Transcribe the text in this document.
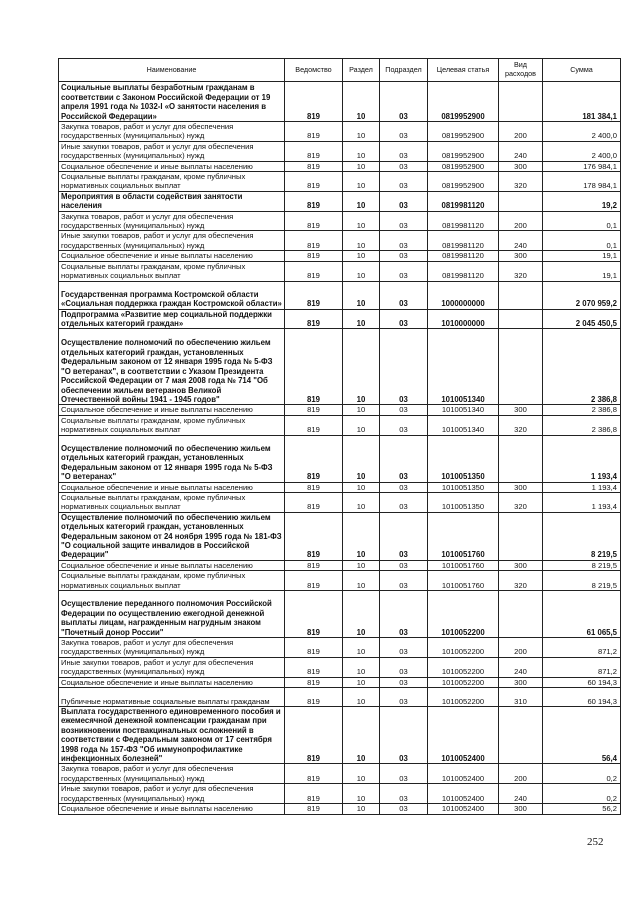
Наименование	Ведомство	Раздел	Подраздел	Целевая статья	Вид расходов	Сумма
Социальные выплаты безработным гражданам в соответствии с Законом Российской Федерации от 19 апреля 1991 года № 1032-I «О занятости населения в Российской Федерации»	819	10	03	0819952900		181 384,1
Закупка товаров, работ и услуг для обеспечения государственных (муниципальных) нужд	819	10	03	0819952900	200	2 400,0
Иные закупки товаров, работ и услуг для обеспечения государственных (муниципальных) нужд	819	10	03	0819952900	240	2 400,0
Социальное обеспечение и иные выплаты населению	819	10	03	0819952900	300	176 984,1
Социальные выплаты гражданам, кроме публичных нормативных социальных выплат	819	10	03	0819952900	320	178 984,1
Мероприятия в области содействия занятости населения	819	10	03	0819981120		19,2
Закупка товаров, работ и услуг для обеспечения государственных (муниципальных) нужд	819	10	03	0819981120	200	0,1
Иные закупки товаров, работ и услуг для обеспечения государственных (муниципальных) нужд	819	10	03	0819981120	240	0,1
Социальное обеспечение и иные выплаты населению	819	10	03	0819981120	300	19,1
Социальные выплаты гражданам, кроме публичных нормативных социальных выплат	819	10	03	0819981120	320	19,1
Государственная программа Костромской области «Социальная поддержка граждан Костромской области»	819	10	03	1000000000		2 070 959,2
Подпрограмма «Развитие мер социальной поддержки отдельных категорий граждан»	819	10	03	1010000000		2 045 450,5
Осуществление полномочий по обеспечению жильем отдельных категорий граждан, установленных Федеральным законом от 12 января 1995 года № 5-ФЗ "О ветеранах", в соответствии с Указом Президента Российской Федерации от 7 мая 2008 года № 714 "Об обеспечении жильем ветеранов Великой Отечественной войны 1941 - 1945 годов"	819	10	03	1010051340		2 386,8
Социальное обеспечение и иные выплаты населению	819	10	03	1010051340	300	2 386,8
Социальные выплаты гражданам, кроме публичных нормативных социальных выплат	819	10	03	1010051340	320	2 386,8
Осуществление полномочий по обеспечению жильем отдельных категорий граждан, установленных Федеральным законом от 12 января 1995 года № 5-ФЗ "О ветеранах"	819	10	03	1010051350		1 193,4
Социальное обеспечение и иные выплаты населению	819	10	03	1010051350	300	1 193,4
Социальные выплаты гражданам, кроме публичных нормативных социальных выплат	819	10	03	1010051350	320	1 193,4
Осуществление полномочий по обеспечению жильем отдельных категорий граждан, установленных Федеральным законом от 24 ноября 1995 года № 181-ФЗ "О социальной защите инвалидов в Российской Федерации"	819	10	03	1010051760		8 219,5
Социальное обеспечение и иные выплаты населению	819	10	03	1010051760	300	8 219,5
Социальные выплаты гражданам, кроме публичных нормативных социальных выплат	819	10	03	1010051760	320	8 219,5
Осуществление переданного полномочия Российской Федерации по осуществлению ежегодной денежной выплаты лицам, награжденным нагрудным знаком "Почетный донор России"	819	10	03	1010052200		61 065,5
Закупка товаров, работ и услуг для обеспечения государственных (муниципальных) нужд	819	10	03	1010052200	200	871,2
Иные закупки товаров, работ и услуг для обеспечения государственных (муниципальных) нужд	819	10	03	1010052200	240	871,2
Социальное обеспечение и иные выплаты населению	819	10	03	1010052200	300	60 194,3
Публичные нормативные социальные выплаты гражданам	819	10	03	1010052200	310	60 194,3
Выплата государственного единовременного пособия и ежемесячной денежной компенсации гражданам при возникновении поствакцинальных осложнений в соответствии с Федеральным законом от 17 сентября 1998 года № 157-ФЗ "Об иммунопрофилактике инфекционных болезней"	819	10	03	1010052400		56,4
Закупка товаров, работ и услуг для обеспечения государственных (муниципальных) нужд	819	10	03	1010052400	200	0,2
Иные закупки товаров, работ и услуг для обеспечения государственных (муниципальных) нужд	819	10	03	1010052400	240	0,2
Социальное обеспечение и иные выплаты населению	819	10	03	1010052400	300	56,2
252
